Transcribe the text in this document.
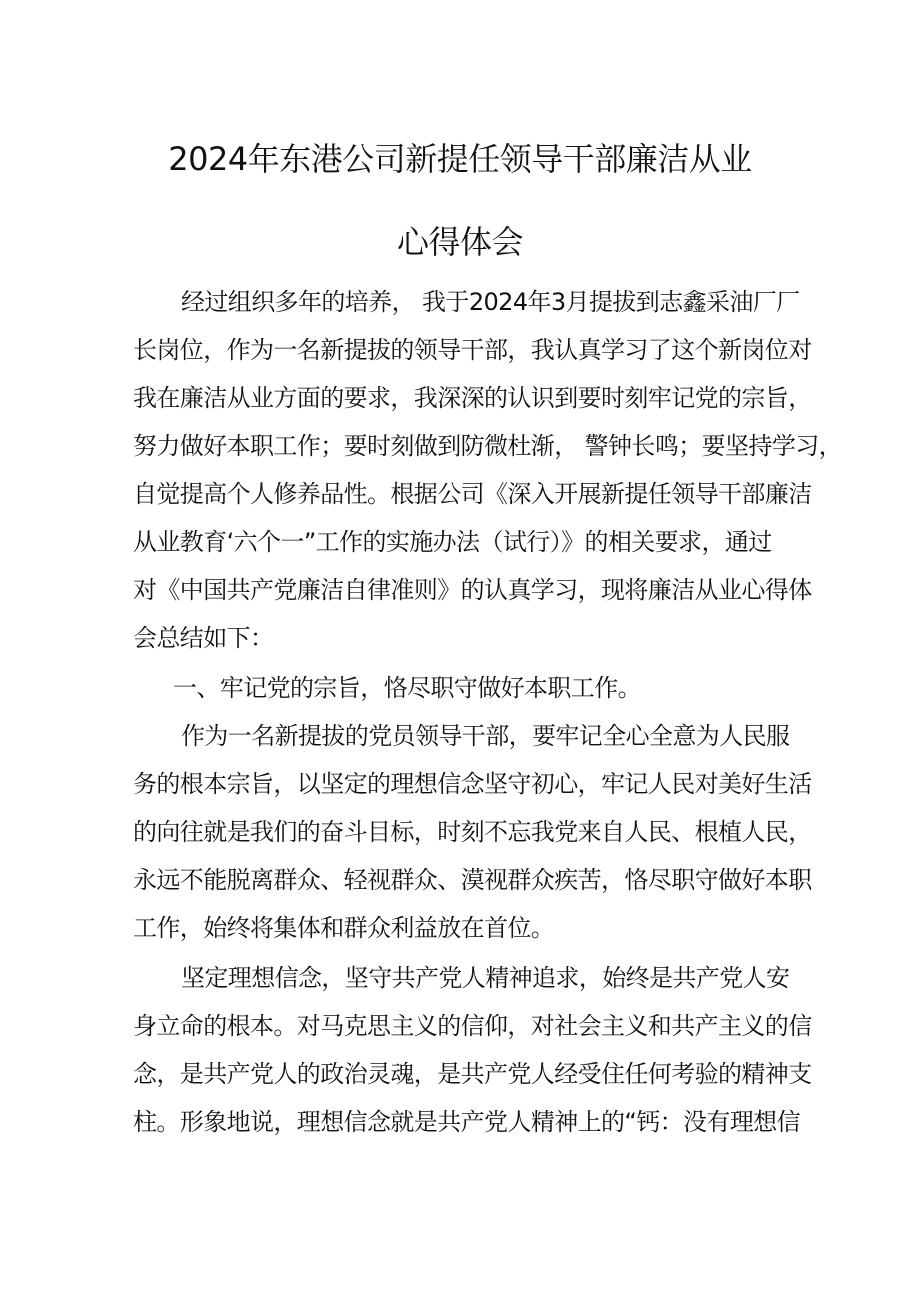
2024年东港公司新提任领导干部廉洁从业
心得体会
经过组织多年的培养， 我于2024年3月提拔到志鑫采油厂厂
长岗位，作为一名新提拔的领导干部，我认真学习了这个新岗位对
我在廉洁从业方面的要求，我深深的认识到要时刻牢记党的宗旨，
努力做好本职工作；要时刻做到防微杜渐， 警钟长鸣；要坚持学习，
自觉提高个人修养品性。根据公司《深入开展新提任领导干部廉洁
从业教育‘六个一”工作的实施办法（试行）》的相关要求，通过
对《中国共产党廉洁自律准则》的认真学习，现将廉洁从业心得体
会总结如下：
一、牢记党的宗旨，恪尽职守做好本职工作。
作为一名新提拔的党员领导干部，要牢记全心全意为人民服
务的根本宗旨，以坚定的理想信念坚守初心，牢记人民对美好生活
的向往就是我们的奋斗目标，时刻不忘我党来自人民、根植人民，
永远不能脱离群众、轻视群众、漠视群众疾苦，恪尽职守做好本职
工作，始终将集体和群众利益放在首位。
坚定理想信念，坚守共产党人精神追求，始终是共产党人安
身立命的根本。对马克思主义的信仰，对社会主义和共产主义的信
念，是共产党人的政治灵魂，是共产党人经受住任何考验的精神支
柱。形象地说，理想信念就是共产党人精神上的“钙：没有理想信
